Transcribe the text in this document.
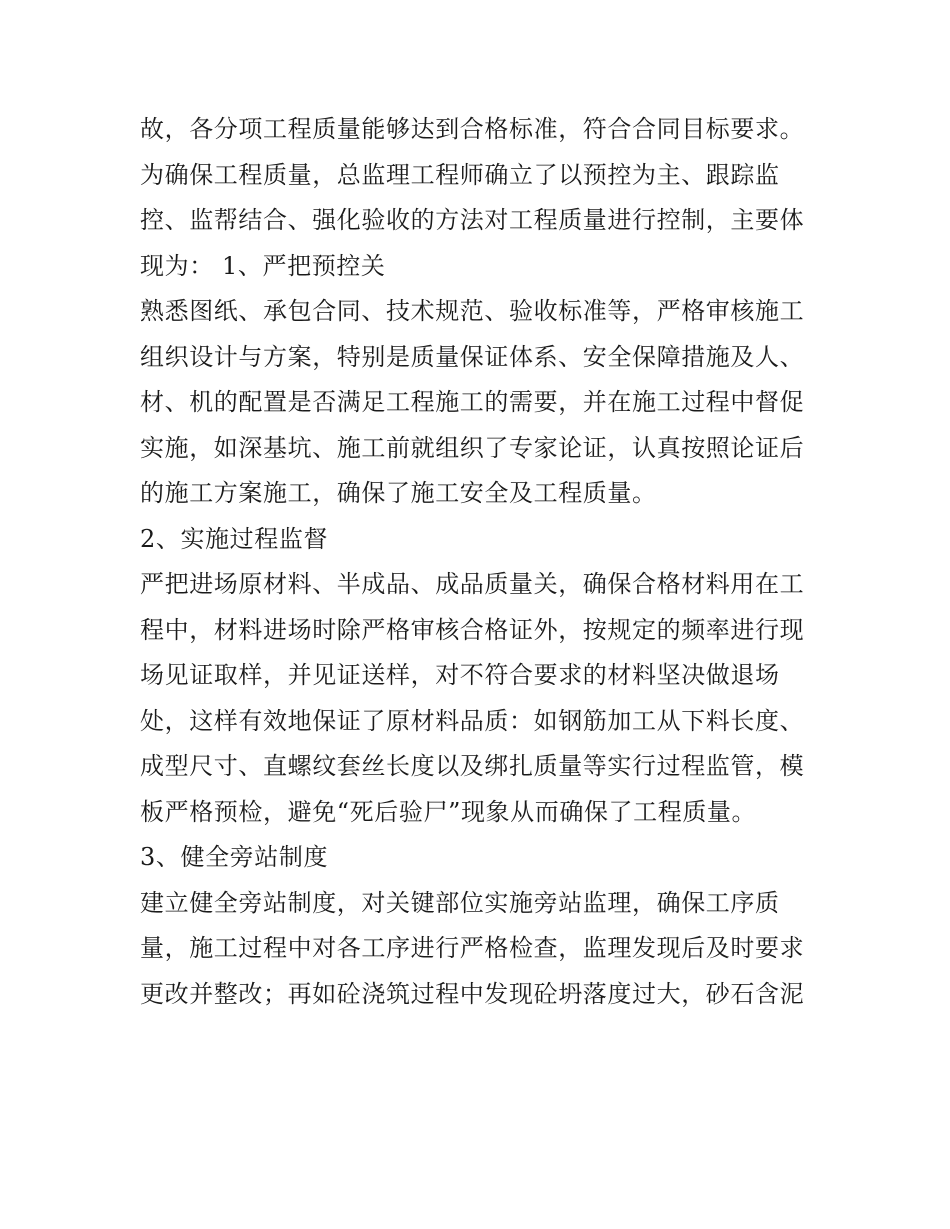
故，各分项工程质量能够达到合格标准，符合合同目标要求。

为确保工程质量，总监理工程师确立了以预控为主、跟踪监

控、监帮结合、强化验收的方法对工程质量进行控制，主要体

现为： 1、严把预控关

熟悉图纸、承包合同、技术规范、验收标准等，严格审核施工

组织设计与方案，特别是质量保证体系、安全保障措施及人、

材、机的配置是否满足工程施工的需要，并在施工过程中督促

实施，如深基坑、施工前就组织了专家论证，认真按照论证后

的施工方案施工，确保了施工安全及工程质量。

2、实施过程监督

严把进场原材料、半成品、成品质量关，确保合格材料用在工

程中，材料进场时除严格审核合格证外，按规定的频率进行现

场见证取样，并见证送样，对不符合要求的材料坚决做退场

处，这样有效地保证了原材料品质：如钢筋加工从下料长度、

成型尺寸、直螺纹套丝长度以及绑扎质量等实行过程监管，模

板严格预检，避免“死后验尸”现象从而确保了工程质量。

3、健全旁站制度

建立健全旁站制度，对关键部位实施旁站监理，确保工序质

量，施工过程中对各工序进行严格检查，监理发现后及时要求

更改并整改；再如砼浇筑过程中发现砼坍落度过大，砂石含泥
